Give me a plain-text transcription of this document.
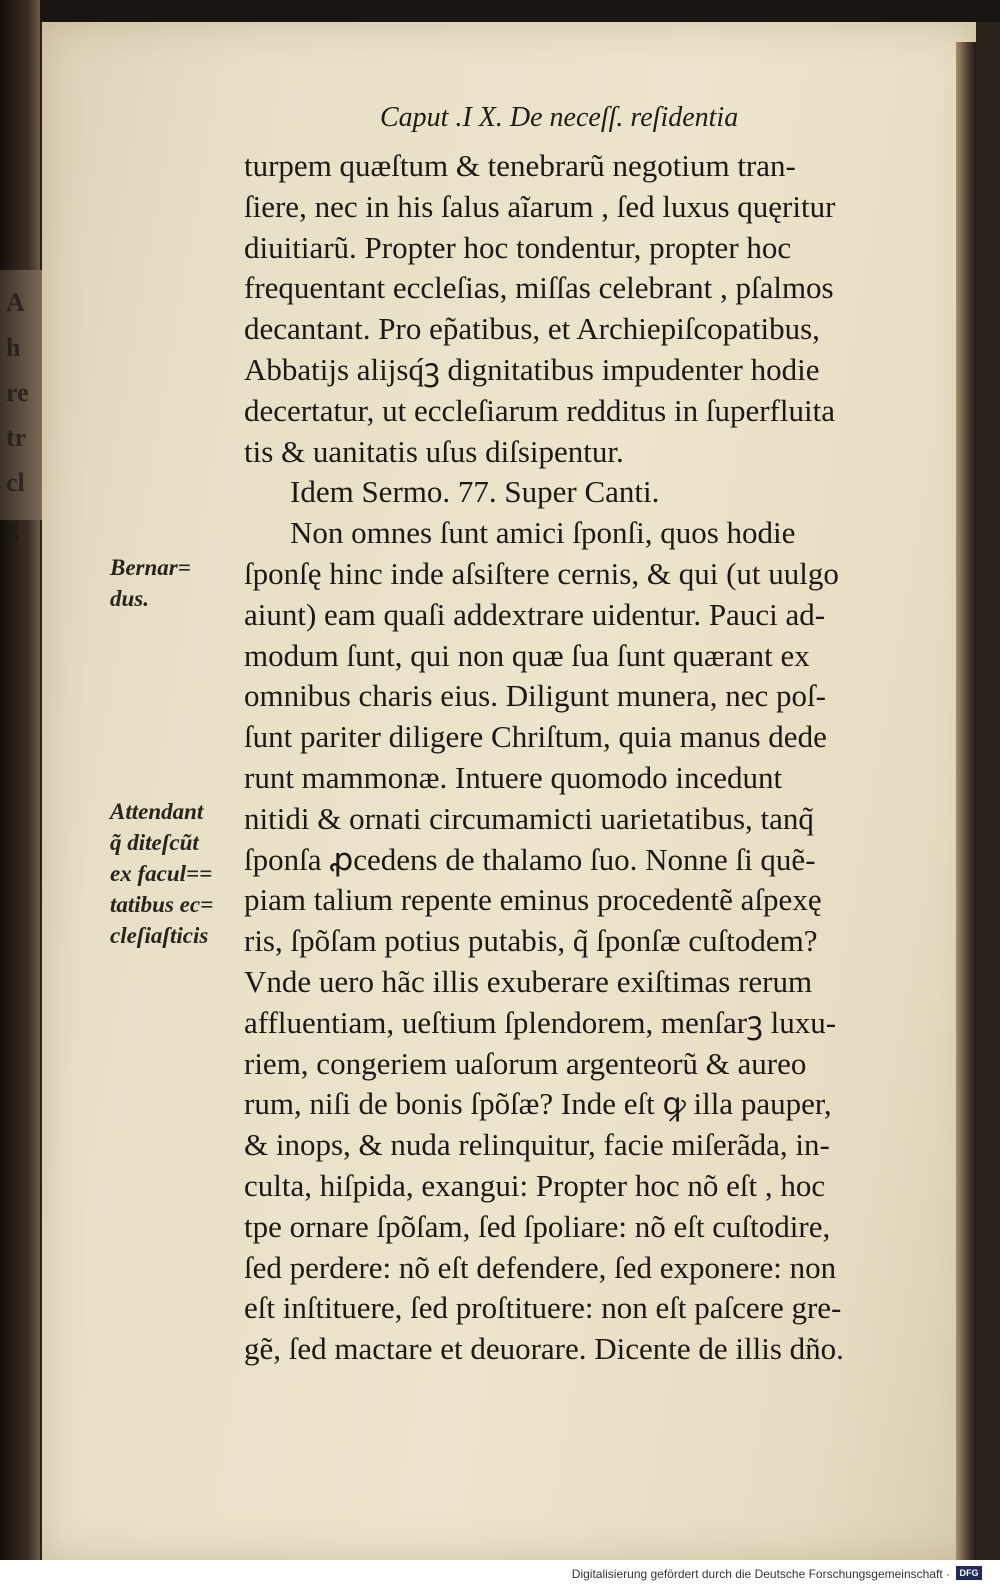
A
h
re
tr
cl
g
Caput .I X. De neceſſ. reſidentia
turpem quæſtum & tenebrarũ negotium tran-
ſiere, nec in his ſalus aĩarum , ſed luxus quęritur
diuitiarũ. Propter hoc tondentur, propter hoc
frequentant eccleſias, miſſas celebrant , pſalmos
decantant. Pro ep̃atibus, et Archiepiſcopatibus,
Abbatijs alijsq́ꝫ dignitatibus impudenter hodie
decertatur, ut eccleſiarum redditus in ſuperfluita
tis & uanitatis uſus diſsipentur.
Idem Sermo. 77. Super Canti.
Non omnes ſunt amici ſponſi, quos hodie
ſponſę hinc inde aſsiſtere cernis, & qui (ut uulgo
aiunt) eam quaſi addextrare uidentur. Pauci ad-
modum ſunt, qui non quæ ſua ſunt quærant ex
omnibus charis eius. Diligunt munera, nec poſ-
ſunt pariter diligere Chriſtum, quia manus dede
runt mammonæ. Intuere quomodo incedunt
nitidi & ornati circumamicti uarietatibus, tanq̃
ſponſa ꝓcedens de thalamo ſuo. Nonne ſi quẽ-
piam talium repente eminus procedentẽ aſpexę
ris, ſpõſam potius putabis, q̃ ſponſæ cuſtodem?
Vnde uero hãc illis exuberare exiſtimas rerum
affluentiam, ueſtium ſplendorem, menſarꝫ luxu-
riem, congeriem uaſorum argenteorũ & aureo
rum, niſi de bonis ſpõſæ? Inde eſt ꝙ illa pauper,
& inops, & nuda relinquitur, facie miſerãda, in-
culta, hiſpida, exangui: Propter hoc nõ eſt , hoc
tpe ornare ſpõſam, ſed ſpoliare: nõ eſt cuſtodire,
ſed perdere: nõ eſt defendere, ſed exponere: non
eſt inſtituere, ſed proſtituere: non eſt paſcere gre-
gẽ, ſed mactare et deuorare. Dicente de illis dño.
Bernar=
dus.
Attendant
q̃ diteſcũt
ex facul==
tatibus ec=
cleſiaſticis
Digitalisierung gefördert durch die Deutsche Forschungsgemeinschaft ·	DFG
